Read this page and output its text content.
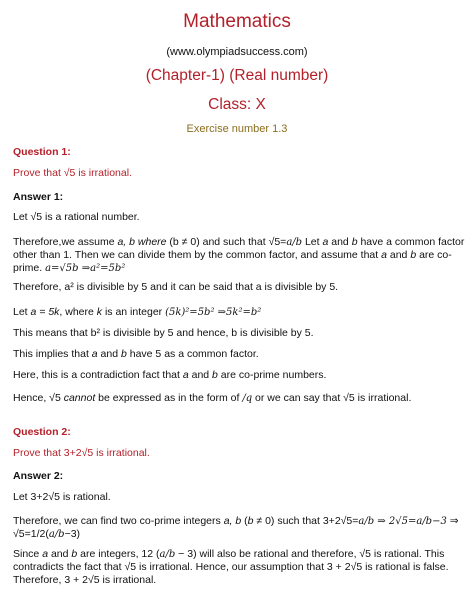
Mathematics
(www.olympiadsuccess.com)
(Chapter-1) (Real number)
Class: X
Exercise number 1.3
Question 1:
Prove that √5 is irrational.
Answer 1:
Let √5 is a rational number.
Therefore,we assume a, b where (b ≠ 0) and such that √5=a/b Let a and b have a common factor other than 1. Then we can divide them by the common factor, and assume that a and b are co-prime. a=√5b ⇒a²=5b²
Therefore, a² is divisible by 5 and it can be said that a is divisible by 5.
Let a = 5k, where k is an integer (5k)²=5b² ⇒5k²=b²
This means that b² is divisible by 5 and hence, b is divisible by 5.
This implies that a and b have 5 as a common factor.
Here, this is a contradiction fact that a and b are co-prime numbers.
Hence, √5 cannot be expressed as in the form of /q or we can say that √5 is irrational.
Question 2:
Prove that 3+2√5 is irrational.
Answer 2:
Let 3+2√5 is rational.
Therefore, we can find two co-prime integers a, b (b ≠ 0) such that 3+2√5=a/b ⇒ 2√5=a/b−3 ⇒ √5=1/2(a/b−3)
Since a and b are integers, 12 (a/b − 3) will also be rational and therefore, √5 is rational. This contradicts the fact that √5 is irrational. Hence, our assumption that 3 + 2√5 is rational is false. Therefore, 3 + 2√5 is irrational.
